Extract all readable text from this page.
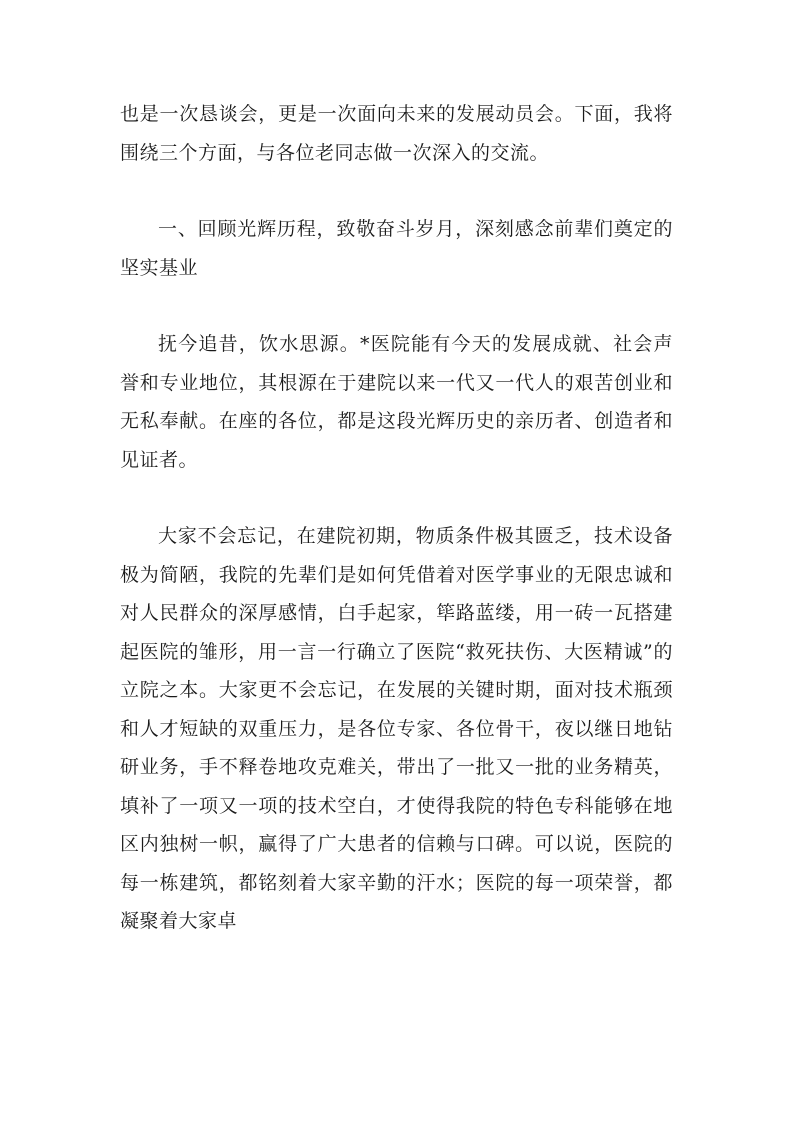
也是一次恳谈会，更是一次面向未来的发展动员会。下面，我将围绕三个方面，与各位老同志做一次深入的交流。

一、回顾光辉历程，致敬奋斗岁月，深刻感念前辈们奠定的坚实基业

抚今追昔，饮水思源。*医院能有今天的发展成就、社会声誉和专业地位，其根源在于建院以来一代又一代人的艰苦创业和无私奉献。在座的各位，都是这段光辉历史的亲历者、创造者和见证者。

大家不会忘记，在建院初期，物质条件极其匮乏，技术设备极为简陋，我院的先辈们是如何凭借着对医学事业的无限忠诚和对人民群众的深厚感情，白手起家，筚路蓝缕，用一砖一瓦搭建起医院的雏形，用一言一行确立了医院“救死扶伤、大医精诚”的立院之本。大家更不会忘记，在发展的关键时期，面对技术瓶颈和人才短缺的双重压力，是各位专家、各位骨干，夜以继日地钻研业务，手不释卷地攻克难关，带出了一批又一批的业务精英，填补了一项又一项的技术空白，才使得我院的特色专科能够在地区内独树一帜，赢得了广大患者的信赖与口碑。可以说，医院的每一栋建筑，都铭刻着大家辛勤的汗水；医院的每一项荣誉，都凝聚着大家卓
